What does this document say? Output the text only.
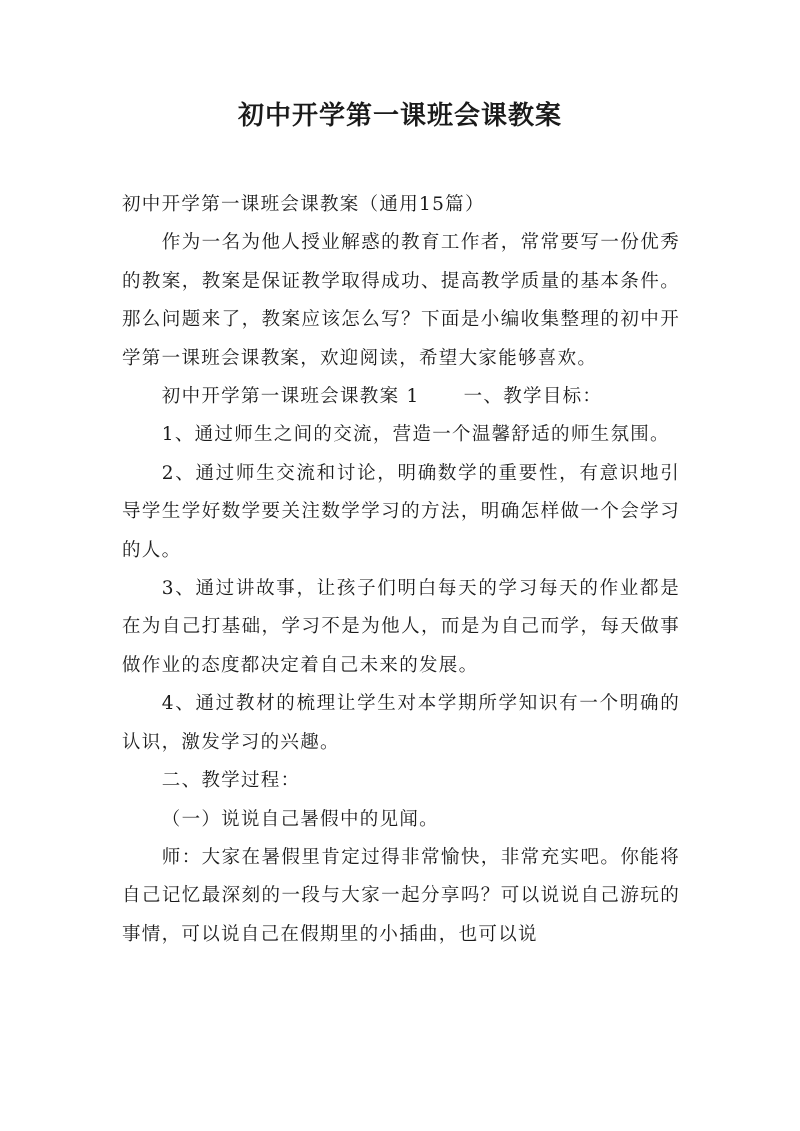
初中开学第一课班会课教案

初中开学第一课班会课教案（通用15篇）

作为一名为他人授业解惑的教育工作者，常常要写一份优秀的教案，教案是保证教学取得成功、提高教学质量的基本条件。那么问题来了，教案应该怎么写？下面是小编收集整理的初中开学第一课班会课教案，欢迎阅读，希望大家能够喜欢。

初中开学第一课班会课教案 1 一、教学目标：

1、通过师生之间的交流，营造一个温馨舒适的师生氛围。

2、通过师生交流和讨论，明确数学的重要性，有意识地引导学生学好数学要关注数学学习的方法，明确怎样做一个会学习的人。

3、通过讲故事，让孩子们明白每天的学习每天的作业都是在为自己打基础，学习不是为他人，而是为自己而学，每天做事做作业的态度都决定着自己未来的发展。

4、通过教材的梳理让学生对本学期所学知识有一个明确的认识，激发学习的兴趣。

二、教学过程：

（一）说说自己暑假中的见闻。

师：大家在暑假里肯定过得非常愉快，非常充实吧。你能将自己记忆最深刻的一段与大家一起分享吗？可以说说自己游玩的事情，可以说自己在假期里的小插曲，也可以说
